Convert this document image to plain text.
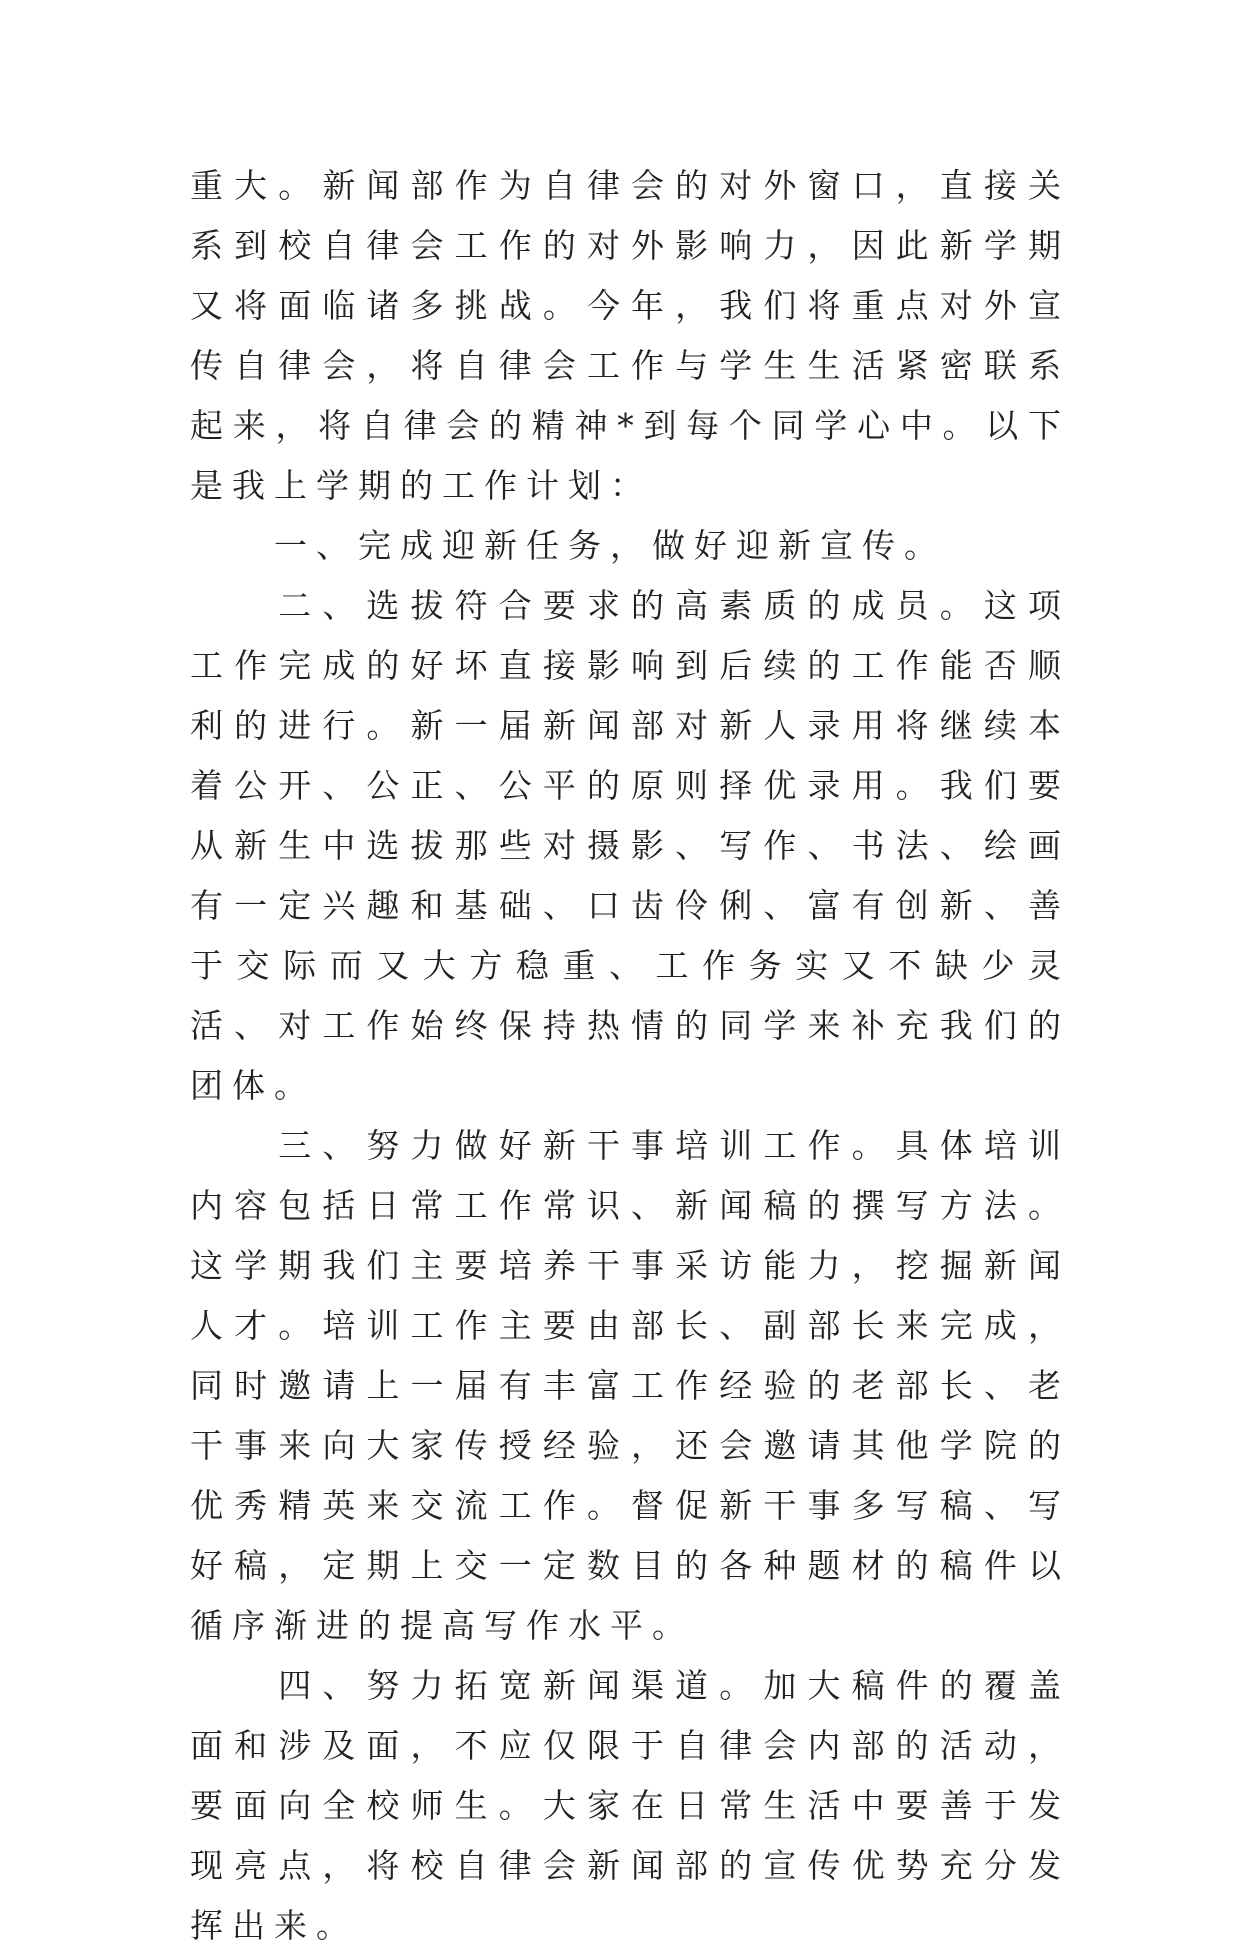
重大。新闻部作为自律会的对外窗口，直接关系到校自律会工作的对外影响力，因此新学期又将面临诸多挑战。今年，我们将重点对外宣传自律会，将自律会工作与学生生活紧密联系起来，将自律会的精神*到每个同学心中。以下是我上学期的工作计划：

　　一、完成迎新任务，做好迎新宣传。

　　二、选拔符合要求的高素质的成员。这项工作完成的好坏直接影响到后续的工作能否顺利的进行。新一届新闻部对新人录用将继续本着公开、公正、公平的原则择优录用。我们要从新生中选拔那些对摄影、写作、书法、绘画有一定兴趣和基础、口齿伶俐、富有创新、善于交际而又大方稳重、工作务实又不缺少灵活、对工作始终保持热情的同学来补充我们的团体。

　　三、努力做好新干事培训工作。具体培训内容包括日常工作常识、新闻稿的撰写方法。这学期我们主要培养干事采访能力，挖掘新闻人才。培训工作主要由部长、副部长来完成，同时邀请上一届有丰富工作经验的老部长、老干事来向大家传授经验，还会邀请其他学院的优秀精英来交流工作。督促新干事多写稿、写好稿，定期上交一定数目的各种题材的稿件以循序渐进的提高写作水平。

　　四、努力拓宽新闻渠道。加大稿件的覆盖面和涉及面，不应仅限于自律会内部的活动，要面向全校师生。大家在日常生活中要善于发现亮点，将校自律会新闻部的宣传优势充分发挥出来。
